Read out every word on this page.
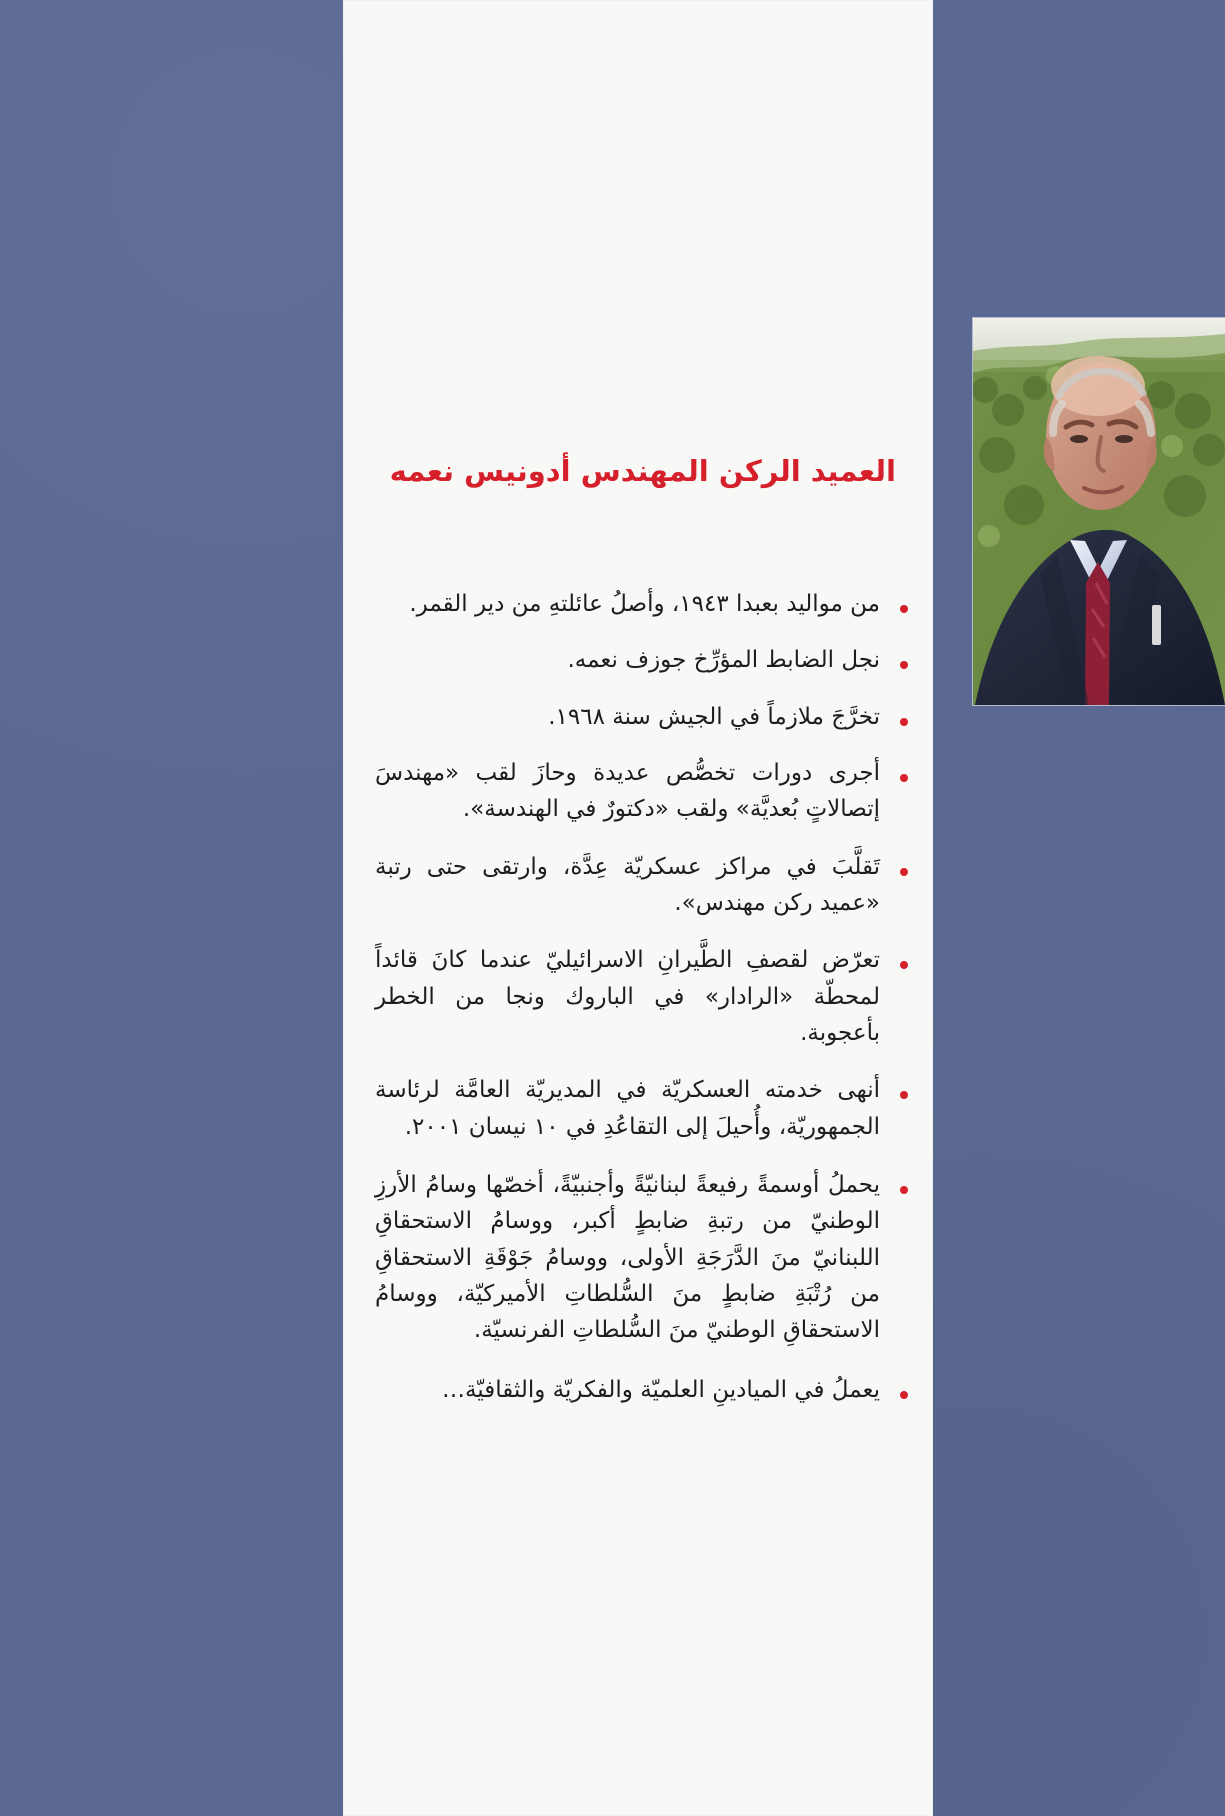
العميد الركن المهندس أدونيس نعمه
من مواليد بعبدا ١٩٤٣، وأصلُ عائلتهِ من دير القمر.
نجل الضابط المؤرِّخ جوزف نعمه.
تخرَّجَ ملازماً في الجيش سنة ١٩٦٨.
أجرى دورات تخصُّص عديدة وحازَ لقب «مهندسَ إتصالاتٍ بُعديَّة» ولقب «دكتورٌ في الهندسة».
تَقلَّبَ في مراكز عسكريّة عِدَّة، وارتقى حتى رتبة «عميد ركن مهندس».
تعرّض لقصفِ الطَّيرانِ الاسرائيليّ عندما كانَ قائداً لمحطّة «الرادار» في الباروك ونجا من الخطر بأعجوبة.
أنهى خدمته العسكريّة في المديريّة العامَّة لرئاسة الجمهوريّة، وأُحيلَ إلى التقاعُدِ في ١٠ نيسان ٢٠٠١.
يحملُ أوسمةً رفيعةً لبنانيّةً وأجنبيّةً، أخصّها وسامُ الأرزِ الوطنيّ من رتبةِ ضابطٍ أكبر، ووسامُ الاستحقاقِ اللبنانيّ منَ الدَّرَجَةِ الأولى، ووسامُ جَوْقَةِ الاستحقاقِ من رُتْبَةِ ضابطٍ منَ السُّلطاتِ الأميركيّة، ووسامُ الاستحقاقِ الوطنيّ منَ السُّلطاتِ الفرنسيّة.
يعملُ في الميادينِ العلميّة والفكريّة والثقافيّة…
